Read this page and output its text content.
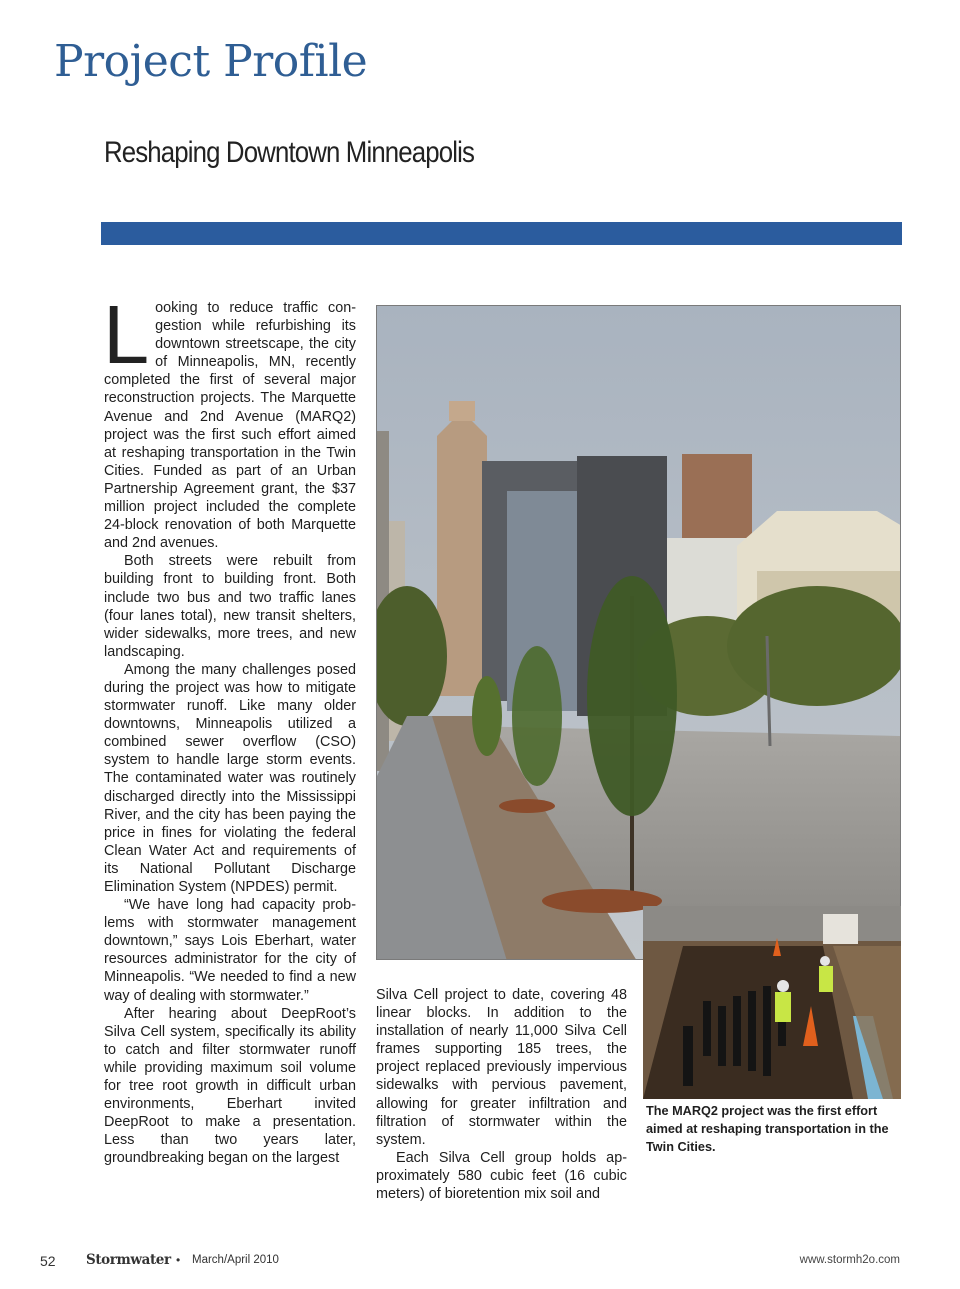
Project Profile
Reshaping Downtown Minneapolis

Looking to reduce traffic congestion while refurbishing its downtown streetscape, the city of Minneapolis, MN, recently completed the first of several major reconstruction projects. The Marquette Avenue and 2nd Avenue (MARQ2) project was the first such effort aimed at reshaping transportation in the Twin Cities. Funded as part of an Urban Partnership Agreement grant, the $37 million project included the complete 24-block renovation of both Marquette and 2nd avenues.

Both streets were rebuilt from building front to building front. Both include two bus and two traffic lanes (four lanes total), new transit shelters, wider sidewalks, more trees, and new landscaping.

Among the many challenges posed during the project was how to mitigate stormwater runoff. Like many older downtowns, Minneapolis utilized a combined sewer overflow (CSO) system to handle large storm events. The contaminated water was routinely discharged directly into the Mississippi River, and the city has been paying the price in fines for violating the federal Clean Water Act and requirements of its National Pollutant Discharge Elimination System (NPDES) permit.

“We have long had capacity problems with stormwater management downtown,” says Lois Eberhart, water resources administrator for the city of Minneapolis. “We needed to find a new way of dealing with stormwater.”

After hearing about DeepRoot’s Silva Cell system, specifically its ability to catch and filter stormwater runoff while providing maximum soil volume for tree root growth in difficult urban environments, Eberhart invited DeepRoot to make a presentation. Less than two years later, groundbreaking began on the largest

The MARQ2 project was the first effort aimed at reshaping transportation in the Twin Cities.

Silva Cell project to date, covering 48 linear blocks. In addition to the installation of nearly 11,000 Silva Cell frames supporting 185 trees, the project replaced previously impervious sidewalks with pervious pavement, allowing for greater infiltration and filtration of stormwater within the system.

Each Silva Cell group holds approximately 580 cubic feet (16 cubic meters) of bioretention mix soil and

52 Stormwater • March/April 2010	www.stormh2o.com
